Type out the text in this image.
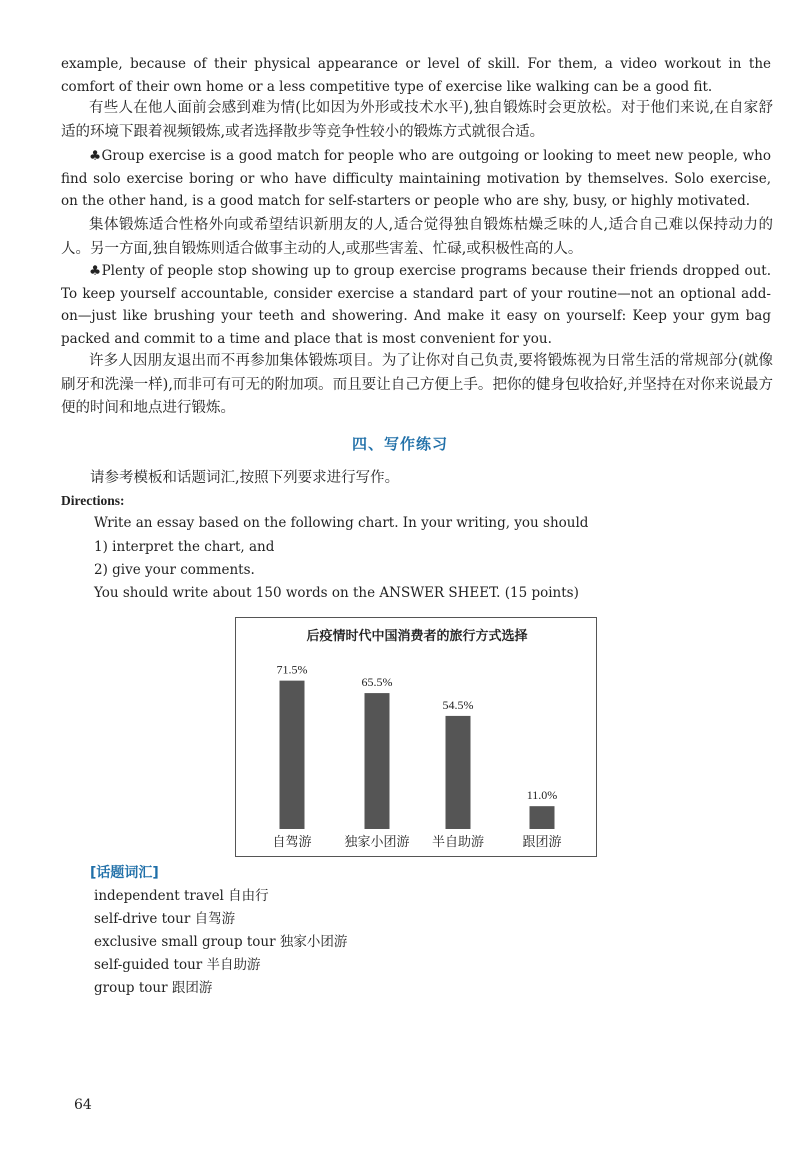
example, because of their physical appearance or level of skill. For them, a video workout in the comfort of their own home or a less competitive type of exercise like walking can be a good fit.

有些人在他人面前会感到难为情(比如因为外形或技术水平),独自锻炼时会更放松。对于他们来说,在自家舒适的环境下跟着视频锻炼,或者选择散步等竞争性较小的锻炼方式就很合适。

♣Group exercise is a good match for people who are outgoing or looking to meet new people, who find solo exercise boring or who have difficulty maintaining motivation by themselves. Solo exercise, on the other hand, is a good match for self-starters or people who are shy, busy, or highly motivated.

集体锻炼适合性格外向或希望结识新朋友的人,适合觉得独自锻炼枯燥乏味的人,适合自己难以保持动力的人。另一方面,独自锻炼则适合做事主动的人,或那些害羞、忙碌,或积极性高的人。

♣Plenty of people stop showing up to group exercise programs because their friends dropped out. To keep yourself accountable, consider exercise a standard part of your routine—not an optional add-on—just like brushing your teeth and showering. And make it easy on yourself: Keep your gym bag packed and commit to a time and place that is most convenient for you.

许多人因朋友退出而不再参加集体锻炼项目。为了让你对自己负责,要将锻炼视为日常生活的常规部分(就像刷牙和洗澡一样),而非可有可无的附加项。而且要让自己方便上手。把你的健身包收拾好,并坚持在对你来说最方便的时间和地点进行锻炼。

四、写作练习
请参考模板和话题词汇,按照下列要求进行写作。
Directions:
Write an essay based on the following chart. In your writing, you should
1) interpret the chart, and
2) give your comments.
You should write about 150 words on the ANSWER SHEET. (15 points)
后疫情时代中国消费者的旅行方式选择
71.5%
自驾游
65.5%
独家小团游
54.5%
半自助游
11.0%
跟团游
[话题词汇]
independent travel 自由行
self-drive tour 自驾游
exclusive small group tour 独家小团游
self-guided tour 半自助游
group tour 跟团游
64
